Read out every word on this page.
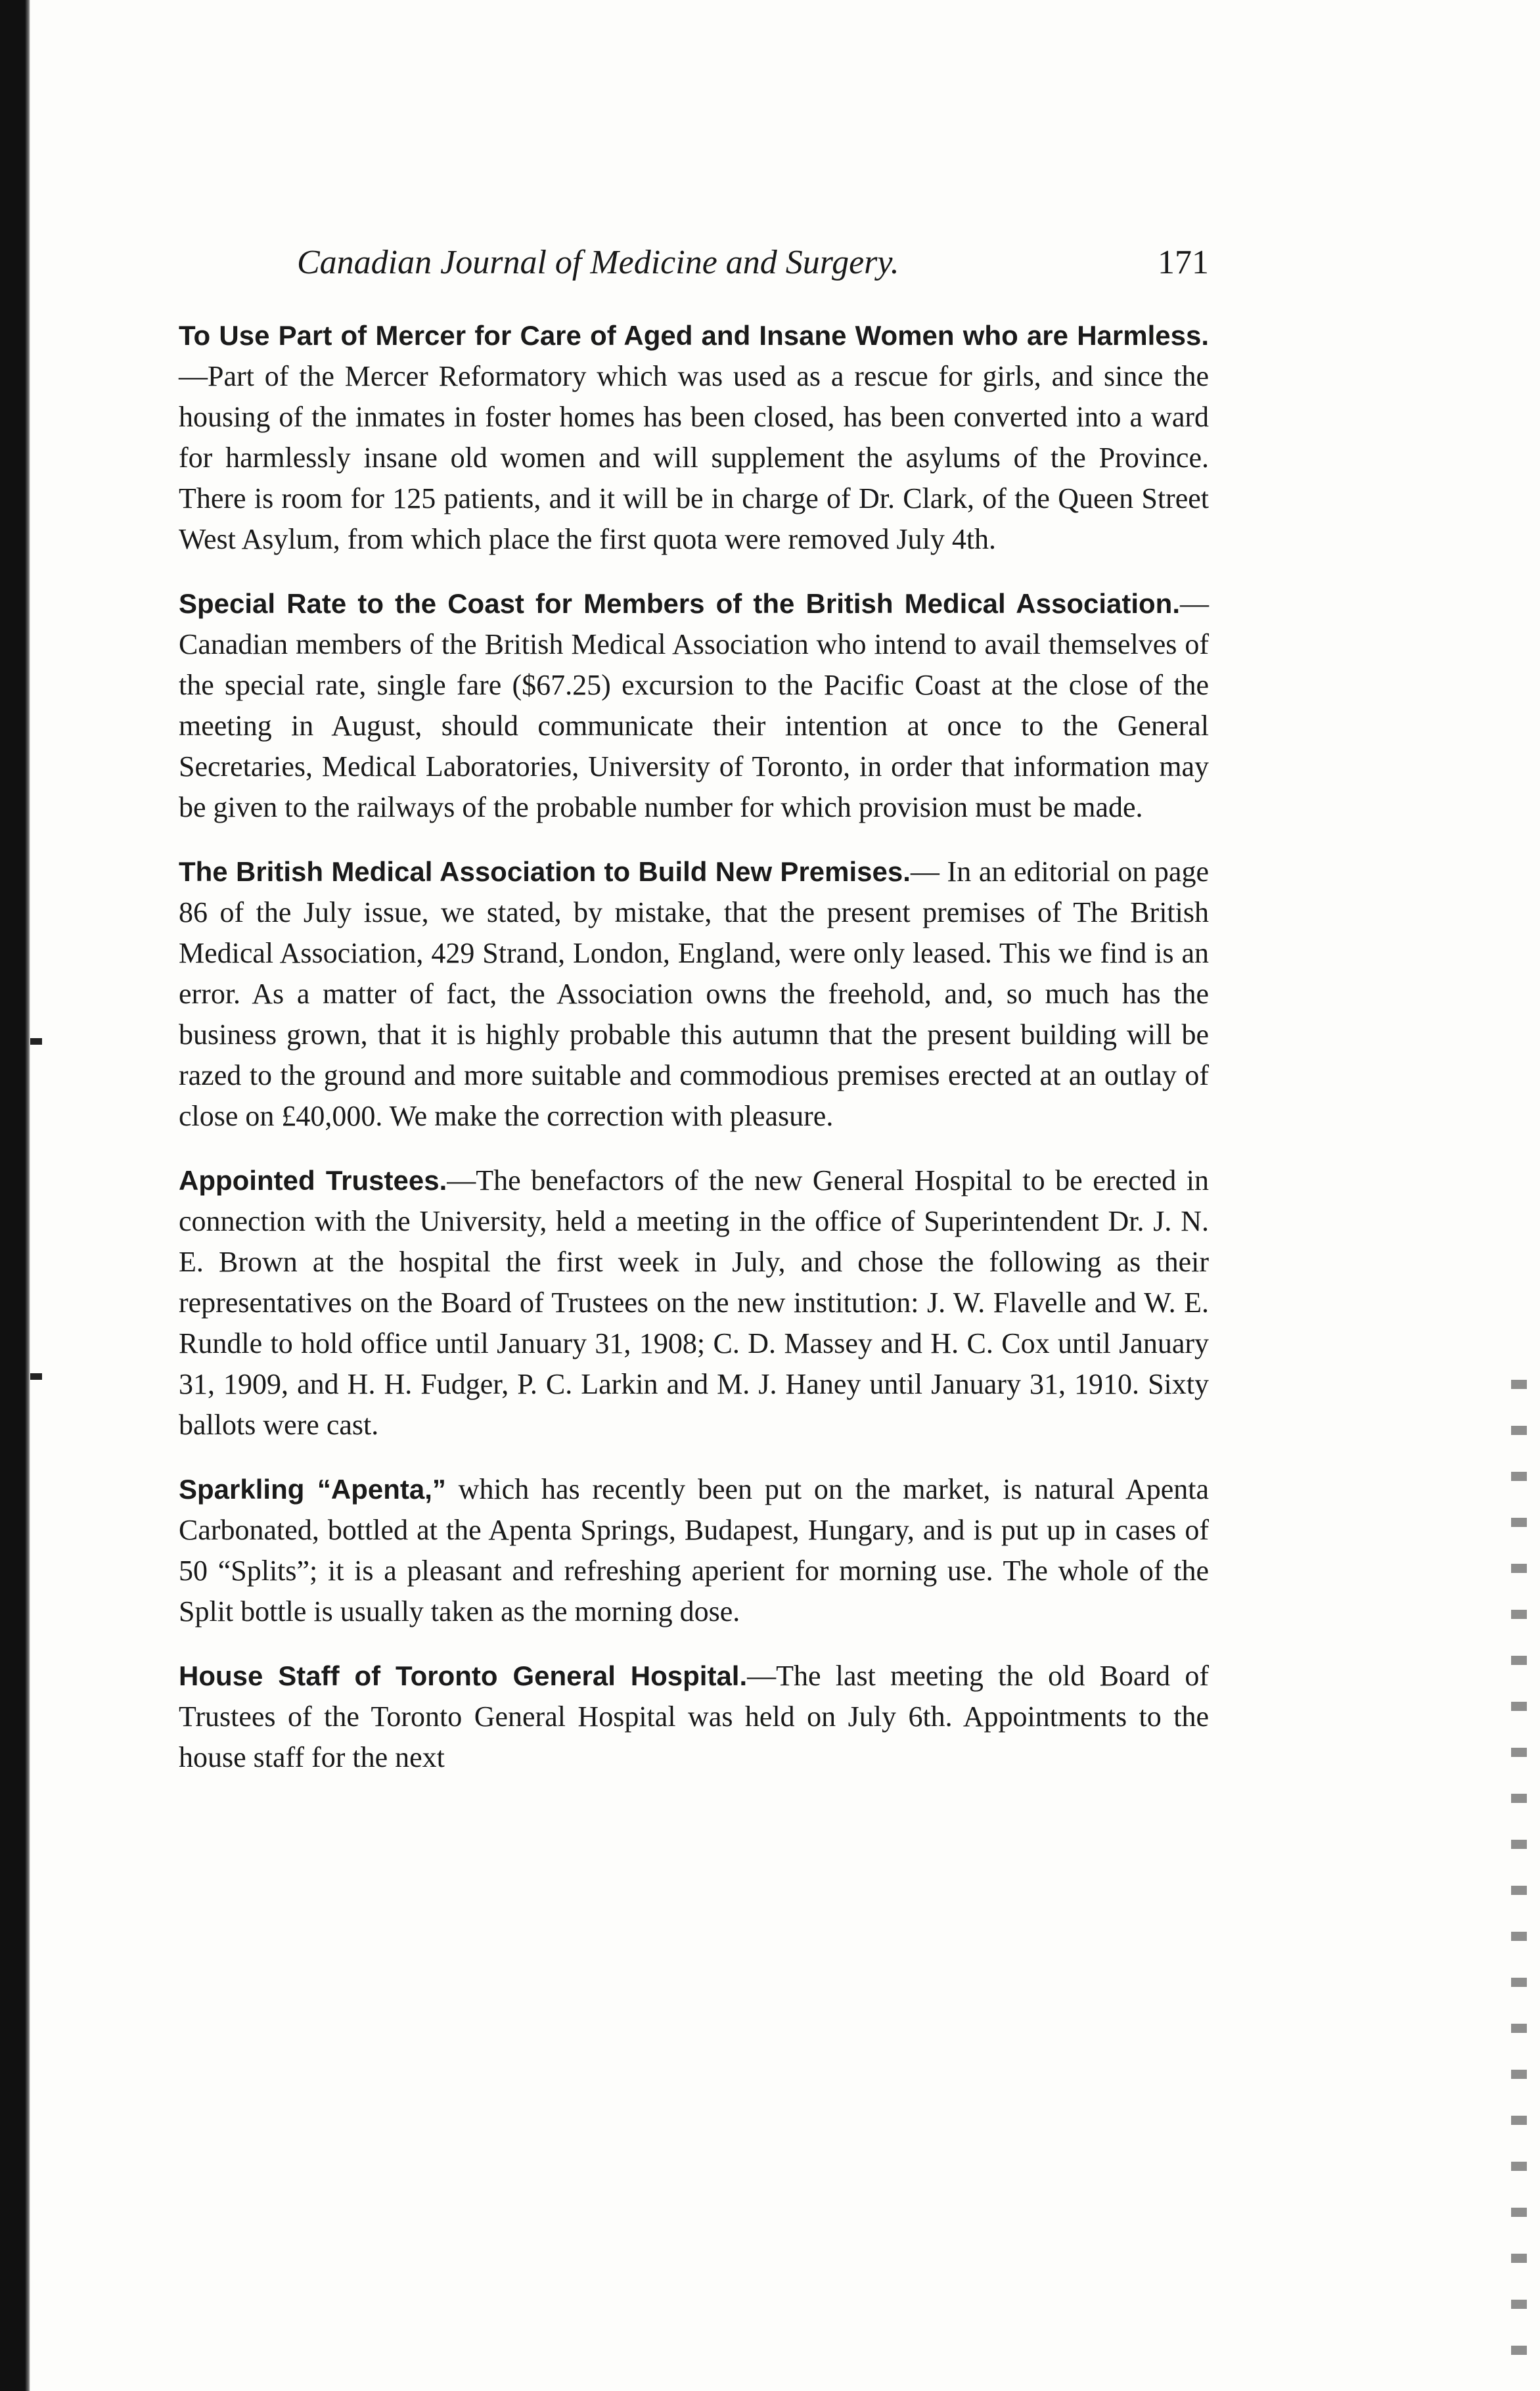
Canadian Journal of Medicine and Surgery.	171

To Use Part of Mercer for Care of Aged and Insane Women who are Harmless.—Part of the Mercer Reformatory which was used as a rescue for girls, and since the housing of the inmates in foster homes has been closed, has been converted into a ward for harmlessly insane old women and will supplement the asylums of the Province. There is room for 125 patients, and it will be in charge of Dr. Clark, of the Queen Street West Asylum, from which place the first quota were removed July 4th.

Special Rate to the Coast for Members of the British Medical Association.—Canadian members of the British Medical Association who intend to avail themselves of the special rate, single fare ($67.25) excursion to the Pacific Coast at the close of the meeting in August, should communicate their intention at once to the General Secretaries, Medical Laboratories, University of Toronto, in order that information may be given to the railways of the probable number for which provision must be made.

The British Medical Association to Build New Premises.— In an editorial on page 86 of the July issue, we stated, by mistake, that the present premises of The British Medical Association, 429 Strand, London, England, were only leased. This we find is an error. As a matter of fact, the Association owns the freehold, and, so much has the business grown, that it is highly probable this autumn that the present building will be razed to the ground and more suitable and commodious premises erected at an outlay of close on £40,000. We make the correction with pleasure.

Appointed Trustees.—The benefactors of the new General Hospital to be erected in connection with the University, held a meeting in the office of Superintendent Dr. J. N. E. Brown at the hospital the first week in July, and chose the following as their representatives on the Board of Trustees on the new institution: J. W. Flavelle and W. E. Rundle to hold office until January 31, 1908; C. D. Massey and H. C. Cox until January 31, 1909, and H. H. Fudger, P. C. Larkin and M. J. Haney until January 31, 1910. Sixty ballots were cast.

Sparkling “Apenta,” which has recently been put on the market, is natural Apenta Carbonated, bottled at the Apenta Springs, Budapest, Hungary, and is put up in cases of 50 “Splits”; it is a pleasant and refreshing aperient for morning use. The whole of the Split bottle is usually taken as the morning dose.

House Staff of Toronto General Hospital.—The last meeting the old Board of Trustees of the Toronto General Hospital was held on July 6th. Appointments to the house staff for the next
